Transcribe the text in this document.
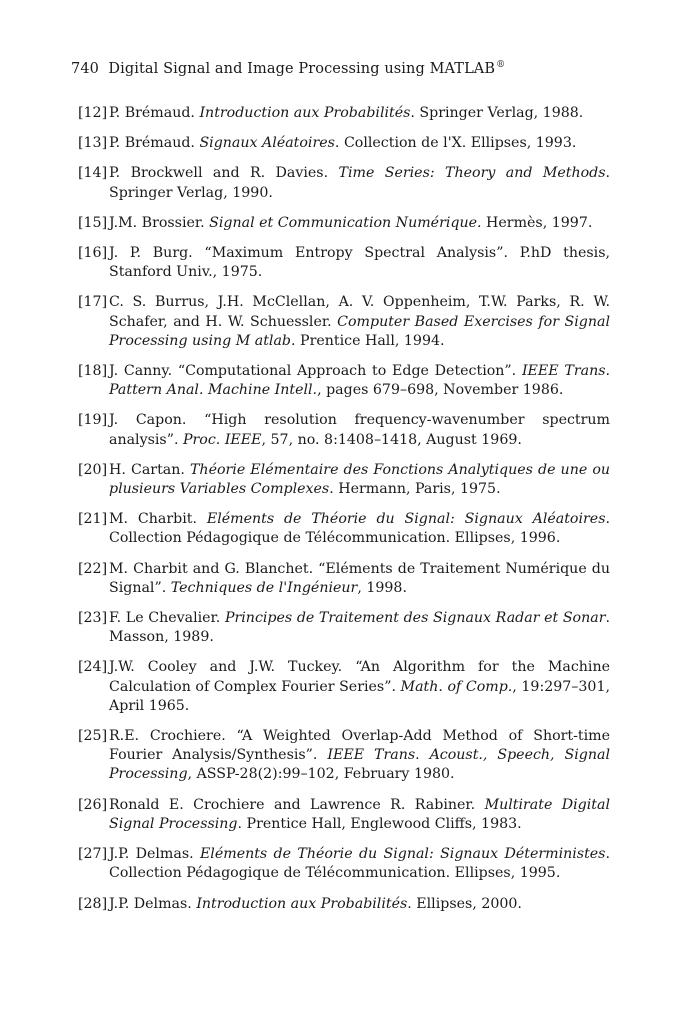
740 Digital Signal and Image Processing using MATLAB®
[12] P. Brémaud. Introduction aux Probabilités. Springer Verlag, 1988.
[13] P. Brémaud. Signaux Aléatoires. Collection de l'X. Ellipses, 1993.
[14] P. Brockwell and R. Davies. Time Series: Theory and Methods. Springer Verlag, 1990.
[15] J.M. Brossier. Signal et Communication Numérique. Hermès, 1997.
[16] J. P. Burg. “Maximum Entropy Spectral Analysis”. P.hD thesis, Stanford Univ., 1975.
[17] C. S. Burrus, J.H. McClellan, A. V. Oppenheim, T.W. Parks, R. W. Schafer, and H. W. Schuessler. Computer Based Exercises for Signal Processing using M atlab. Prentice Hall, 1994.
[18] J. Canny. “Computational Approach to Edge Detection”. IEEE Trans. Pattern Anal. Machine Intell., pages 679–698, November 1986.
[19] J. Capon. “High resolution frequency-wavenumber spectrum analysis”. Proc. IEEE, 57, no. 8:1408–1418, August 1969.
[20] H. Cartan. Théorie Elémentaire des Fonctions Analytiques de une ou plusieurs Variables Complexes. Hermann, Paris, 1975.
[21] M. Charbit. Eléments de Théorie du Signal: Signaux Aléatoires. Collection Pédagogique de Télécommunication. Ellipses, 1996.
[22] M. Charbit and G. Blanchet. “Eléments de Traitement Numérique du Signal”. Techniques de l'Ingénieur, 1998.
[23] F. Le Chevalier. Principes de Traitement des Signaux Radar et Sonar. Masson, 1989.
[24] J.W. Cooley and J.W. Tuckey. “An Algorithm for the Machine Calculation of Complex Fourier Series”. Math. of Comp., 19:297–301, April 1965.
[25] R.E. Crochiere. “A Weighted Overlap-Add Method of Short-time Fourier Analysis/Synthesis”. IEEE Trans. Acoust., Speech, Signal Processing, ASSP-28(2):99–102, February 1980.
[26] Ronald E. Crochiere and Lawrence R. Rabiner. Multirate Digital Signal Processing. Prentice Hall, Englewood Cliffs, 1983.
[27] J.P. Delmas. Eléments de Théorie du Signal: Signaux Déterministes. Collection Pédagogique de Télécommunication. Ellipses, 1995.
[28] J.P. Delmas. Introduction aux Probabilités. Ellipses, 2000.
